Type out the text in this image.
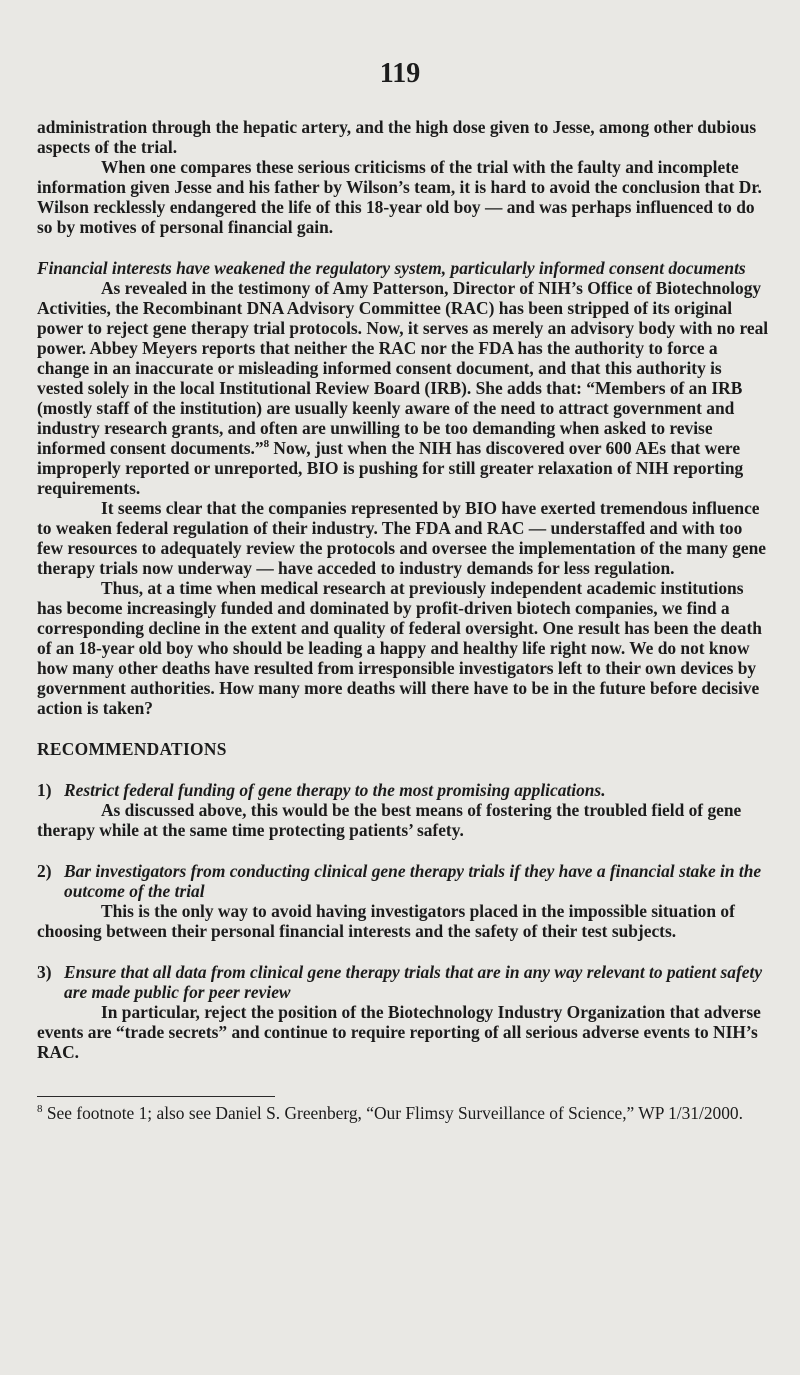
119

administration through the hepatic artery, and the high dose given to Jesse, among other dubious aspects of the trial.

When one compares these serious criticisms of the trial with the faulty and incomplete information given Jesse and his father by Wilson’s team, it is hard to avoid the conclusion that Dr. Wilson recklessly endangered the life of this 18-year old boy — and was perhaps influenced to do so by motives of personal financial gain.

Financial interests have weakened the regulatory system, particularly informed consent documents

As revealed in the testimony of Amy Patterson, Director of NIH’s Office of Biotechnology Activities, the Recombinant DNA Advisory Committee (RAC) has been stripped of its original power to reject gene therapy trial protocols. Now, it serves as merely an advisory body with no real power. Abbey Meyers reports that neither the RAC nor the FDA has the authority to force a change in an inaccurate or misleading informed consent document, and that this authority is vested solely in the local Institutional Review Board (IRB). She adds that: “Members of an IRB (mostly staff of the institution) are usually keenly aware of the need to attract government and industry research grants, and often are unwilling to be too demanding when asked to revise informed consent documents.”$^8$ Now, just when the NIH has discovered over 600 AEs that were improperly reported or unreported, BIO is pushing for still greater relaxation of NIH reporting requirements.

It seems clear that the companies represented by BIO have exerted tremendous influence to weaken federal regulation of their industry. The FDA and RAC — understaffed and with too few resources to adequately review the protocols and oversee the implementation of the many gene therapy trials now underway — have acceded to industry demands for less regulation.

Thus, at a time when medical research at previously independent academic institutions has become increasingly funded and dominated by profit-driven biotech companies, we find a corresponding decline in the extent and quality of federal oversight. One result has been the death of an 18-year old boy who should be leading a happy and healthy life right now. We do not know how many other deaths have resulted from irresponsible investigators left to their own devices by government authorities. How many more deaths will there have to be in the future before decisive action is taken?

RECOMMENDATIONS

1) Restrict federal funding of gene therapy to the most promising applications.

As discussed above, this would be the best means of fostering the troubled field of gene therapy while at the same time protecting patients’ safety.

2) Bar investigators from conducting clinical gene therapy trials if they have a financial stake in the outcome of the trial

This is the only way to avoid having investigators placed in the impossible situation of choosing between their personal financial interests and the safety of their test subjects.

3) Ensure that all data from clinical gene therapy trials that are in any way relevant to patient safety are made public for peer review

In particular, reject the position of the Biotechnology Industry Organization that adverse events are “trade secrets” and continue to require reporting of all serious adverse events to NIH’s RAC.

$^8$ See footnote 1; also see Daniel S. Greenberg, “Our Flimsy Surveillance of Science,” WP 1/31/2000.
